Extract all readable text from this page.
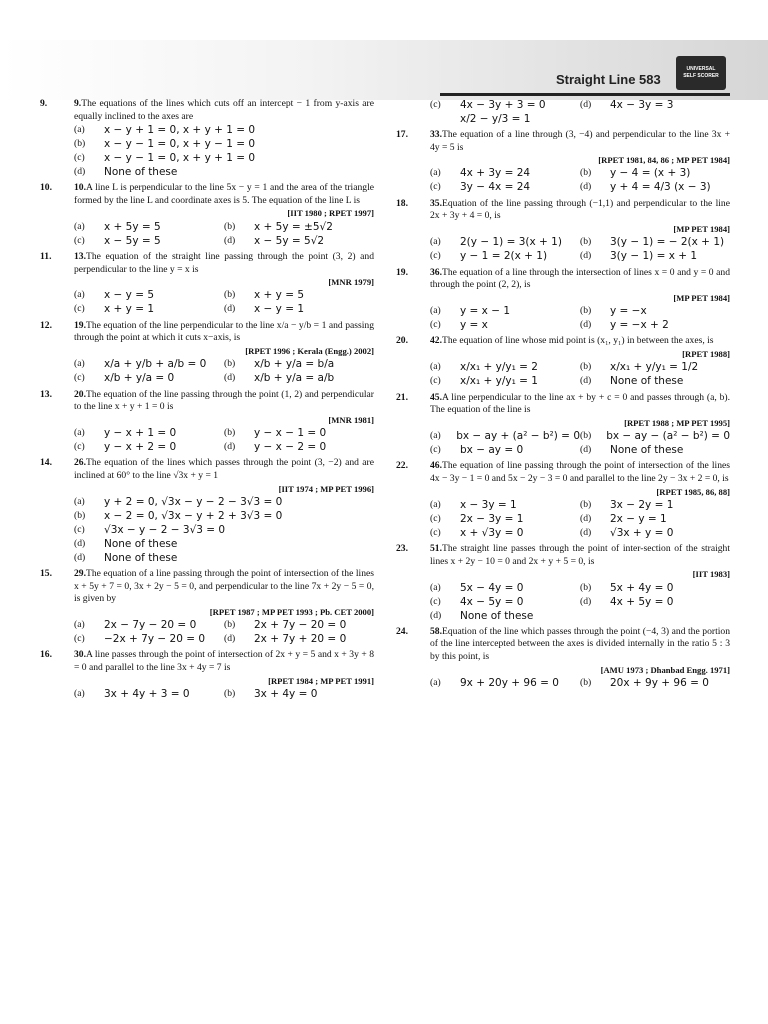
Straight Line 583
UNIVERSAL
SELF SCORER
9.	9.The equations of the lines which cuts off an intercept − 1 from y-axis are equally inclined to the axes are
(a)	x − y + 1 = 0, x + y + 1 = 0
(b)	x − y − 1 = 0, x + y − 1 = 0
(c)	x − y − 1 = 0, x + y + 1 = 0
(d)	None of these
10. 10.A line L is perpendicular to the line 5x − y = 1 and the area of the triangle formed by the line L and coordinate axes is 5. The equation of the line L is
[IIT 1980 ; RPET 1997]
(a)	x + 5y = 5	(b)	x + 5y = ±5√2
(c)	x − 5y = 5	(d)	x − 5y = 5√2
11. 13.The equation of the straight line passing through the point (3, 2) and perpendicular to the line y = x is
[MNR 1979]
(a)	x − y = 5	(b)	x + y = 5
(c)	x + y = 1	(d)	x − y = 1
12. 19.The equation of the line perpendicular to the line x/a − y/b = 1 and passing through the point at which it cuts x−axis, is
[RPET 1996 ; Kerala (Engg.) 2002]
(a)	x/a + y/b + a/b = 0 (b)	x/b + y/a = b/a
(c)	x/b + y/a = 0	(d)	x/b + y/a = a/b
13. 20.The equation of the line passing through the point (1, 2) and perpendicular to the line x + y + 1 = 0 is
[MNR 1981]
(a)	y − x + 1 = 0	(b)	y − x − 1 = 0
(c)	y − x + 2 = 0	(d)	y − x − 2 = 0
14. 26.The equation of the lines which passes through the point (3, −2) and are inclined at 60° to the line √3x + y = 1
[IIT 1974 ; MP PET 1996]
(a)	y + 2 = 0, √3x − y − 2 − 3√3 = 0
(b)	x − 2 = 0, √3x − y + 2 + 3√3 = 0
(c)	√3x − y − 2 − 3√3 = 0
(d)	None of these
(d)	None of these
15. 29.The equation of a line passing through the point of intersection of the lines x + 5y + 7 = 0, 3x + 2y − 5 = 0, and perpendicular to the line 7x + 2y − 5 = 0, is given by
[RPET 1987 ; MP PET 1993 ; Pb. CET 2000]
(a)	2x − 7y − 20 = 0	(b)	2x + 7y − 20 = 0
(c)	−2x + 7y − 20 = 0 (d)	2x + 7y + 20 = 0
16. 30.A line passes through the point of intersection of 2x + y = 5 and x + 3y + 8 = 0 and parallel to the line 3x + 4y = 7 is
[RPET 1984 ; MP PET 1991]
(a)	3x + 4y + 3 = 0	(b)	3x + 4y = 0
(c)	4x − 3y + 3 = 0	(d)	4x − 3y = 3
x/2 − y/3 = 1
17. 33.The equation of a line through (3, −4) and perpendicular to the line 3x + 4y = 5 is
[RPET 1981, 84, 86 ; MP PET 1984]
(a)	4x + 3y = 24	(b)	y − 4 = (x + 3)
(c)	3y − 4x = 24	(d)	y + 4 = 4/3 (x − 3)
18. 35.Equation of the line passing through (−1,1) and perpendicular to the line 2x + 3y + 4 = 0, is
[MP PET 1984]
(a)	2(y − 1) = 3(x + 1) (b)	3(y − 1) = − 2(x + 1)
(c)	y − 1 = 2(x + 1)	(d)	3(y − 1) = x + 1
19. 36.The equation of a line through the intersection of lines x = 0 and y = 0 and through the point (2, 2), is
[MP PET 1984]
(a)	y = x − 1	(b)	y = −x
(c)	y = x	(d)	y = −x + 2
20. 42.The equation of line whose mid point is (x₁, y₁) in between the axes, is
[RPET 1988]
(a)	x/x₁ + y/y₁ = 2	(b)	x/x₁ + y/y₁ = 1/2
(c)	x/x₁ + y/y₁ = 1	(d)	None of these
21. 45.A line perpendicular to the line ax + by + c = 0 and passes through (a, b). The equation of the line is
[RPET 1988 ; MP PET 1995]
(a)	bx − ay + (a² − b²) = 0 (b)	bx − ay − (a² − b²) = 0
(c)	bx − ay = 0	(d)	None of these
22. 46.The equation of line passing through the point of intersection of the lines 4x − 3y − 1 = 0 and 5x − 2y − 3 = 0 and parallel to the line 2y − 3x + 2 = 0, is
[RPET 1985, 86, 88]
(a)	x − 3y = 1	(b)	3x − 2y = 1
(c)	2x − 3y = 1	(d)	2x − y = 1
(c)	x + √3y = 0	(d)	√3x + y = 0
23. 51.The straight line passes through the point of inter-section of the straight lines x + 2y − 10 = 0 and 2x + y + 5 = 0, is
[IIT 1983]
(a)	5x − 4y = 0	(b)	5x + 4y = 0
(c)	4x − 5y = 0	(d)	4x + 5y = 0
(d)	None of these
24. 58.Equation of the line which passes through the point (−4, 3) and the portion of the line intercepted between the axes is divided internally in the ratio 5 : 3 by this point, is
[AMU 1973 ; Dhanbad Engg. 1971]
(a)	9x + 20y + 96 = 0 (b)	20x + 9y + 96 = 0
